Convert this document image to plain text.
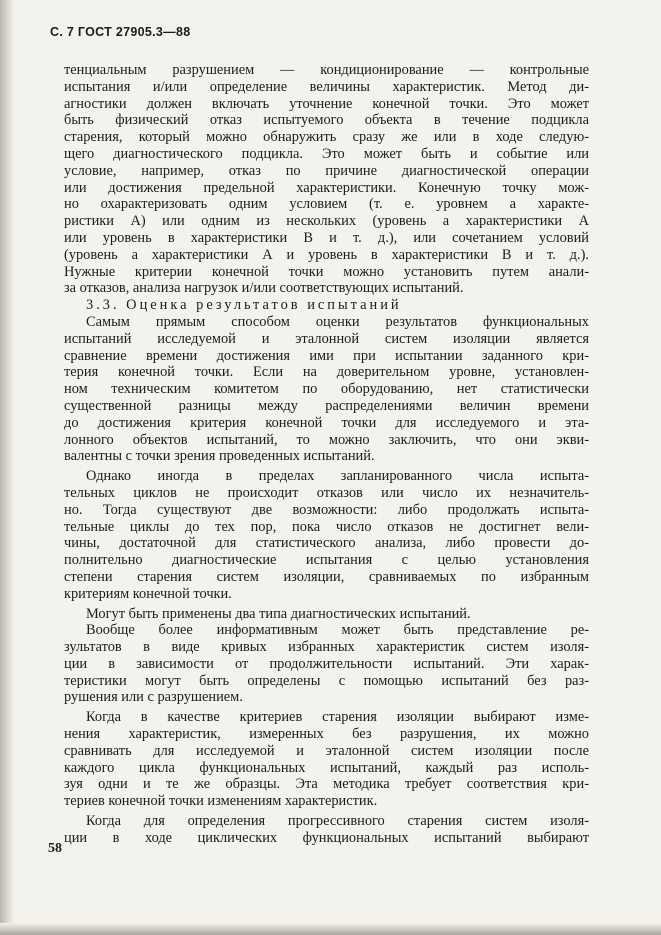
С. 7 ГОСТ 27905.3—88
тенциальным разрушением — кондиционирование — контрольные
испытания и/или определение величины характеристик. Метод ди-
агностики должен включать уточнение конечной точки. Это может
быть физический отказ испытуемого объекта в течение подцикла
старения, который можно обнаружить сразу же или в ходе следую-
щего диагностического подцикла. Это может быть и событие или
условие, например, отказ по причине диагностической операции
или достижения предельной характеристики. Конечную точку мож-
но охарактеризовать одним условием (т. е. уровнем а характе-
ристики А) или одним из нескольких (уровень а характеристики А
или уровень в характеристики В и т. д.), или сочетанием условий
(уровень а характеристики А и уровень в характеристики В и т. д.).
Нужные критерии конечной точки можно установить путем анали-
за отказов, анализа нагрузок и/или соответствующих испытаний.
3.3. Оценка результатов испытаний
Самым прямым способом оценки результатов функциональных
испытаний исследуемой и эталонной систем изоляции является
сравнение времени достижения ими при испытании заданного кри-
терия конечной точки. Если на доверительном уровне, установлен-
ном техническим комитетом по оборудованию, нет статистически
существенной разницы между распределениями величин времени
до достижения критерия конечной точки для исследуемого и эта-
лонного объектов испытаний, то можно заключить, что они экви-
валентны с точки зрения проведенных испытаний.
Однако иногда в пределах запланированного числа испыта-
тельных циклов не происходит отказов или число их незначитель-
но. Тогда существуют две возможности: либо продолжать испыта-
тельные циклы до тех пор, пока число отказов не достигнет вели-
чины, достаточной для статистического анализа, либо провести до-
полнительно диагностические испытания с целью установления
степени старения систем изоляции, сравниваемых по избранным
критериям конечной точки.
Могут быть применены два типа диагностических испытаний.
Вообще более информативным может быть представление ре-
зультатов в виде кривых избранных характеристик систем изоля-
ции в зависимости от продолжительности испытаний. Эти харак-
теристики могут быть определены с помощью испытаний без раз-
рушения или с разрушением.
Когда в качестве критериев старения изоляции выбирают изме-
нения характеристик, измеренных без разрушения, их можно
сравнивать для исследуемой и эталонной систем изоляции после
каждого цикла функциональных испытаний, каждый раз исполь-
зуя одни и те же образцы. Эта методика требует соответствия кри-
териев конечной точки изменениям характеристик.
Когда для определения прогрессивного старения систем изоля-
ции в ходе циклических функциональных испытаний выбирают
58
